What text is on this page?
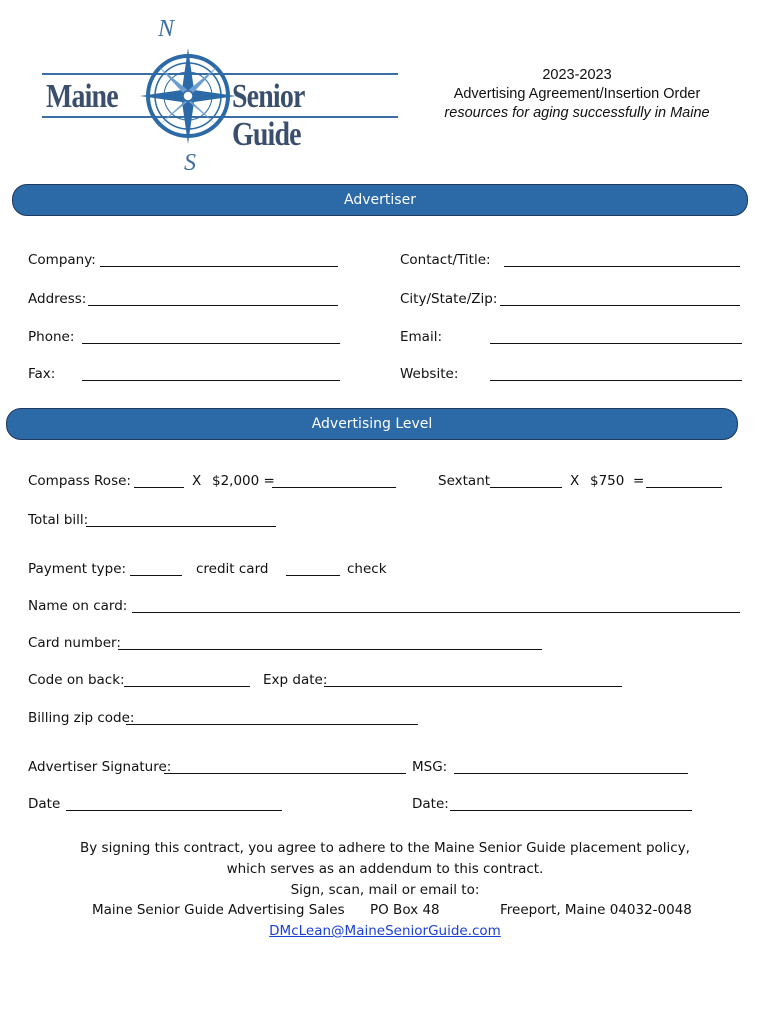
Maine	Senior Guide
N
S
2023-2023
Advertising Agreement/Insertion Order
resources for aging successfully in Maine
Advertiser
Company:	Contact/Title:
Address:	City/State/Zip:
Phone:	Email:
Fax:	Website:
Advertising Level
Compass Rose:	X $2,000 =	Sextant	X $750  =
Total bill:
Payment type:	credit card	check
Name on card:
Card number:
Code on back:	Exp date:
Billing zip code:
Advertiser Signature:	MSG:
Date	Date:
By signing this contract, you agree to adhere to the Maine Senior Guide placement policy,
which serves as an addendum to this contract.
Sign, scan, mail or email to:
Maine Senior Guide Advertising Sales PO Box 48	Freeport, Maine 04032-0048
DMcLean@MaineSeniorGuide.com
